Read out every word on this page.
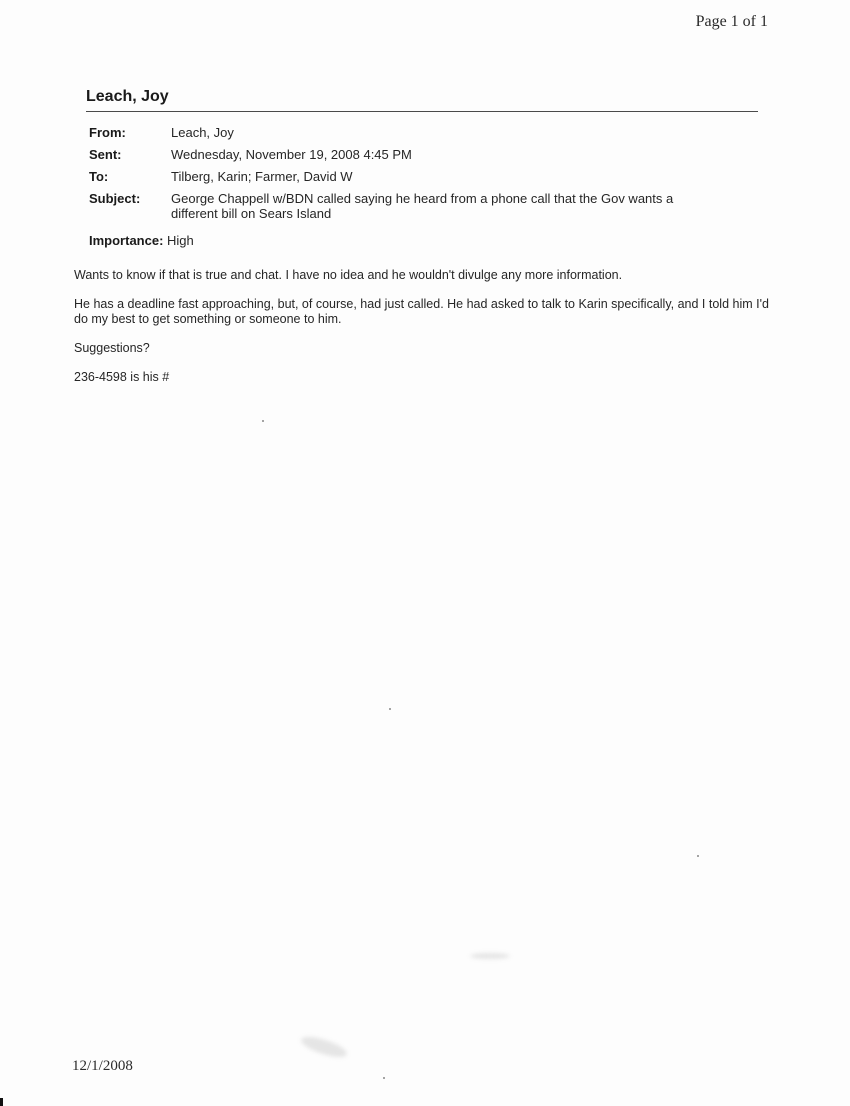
Page 1 of 1
Leach, Joy
From:	Leach, Joy
Sent:	Wednesday, November 19, 2008 4:45 PM
To:	Tilberg, Karin; Farmer, David W
Subject:	George Chappell w/BDN called saying he heard from a phone call that the Gov wants a different bill on Sears Island
Importance: High

Wants to know if that is true and chat. I have no idea and he wouldn't divulge any more information.

He has a deadline fast approaching, but, of course, had just called. He had asked to talk to Karin specifically, and I told him I'd do my best to get something or someone to him.

Suggestions?

236-4598 is his #

12/1/2008
